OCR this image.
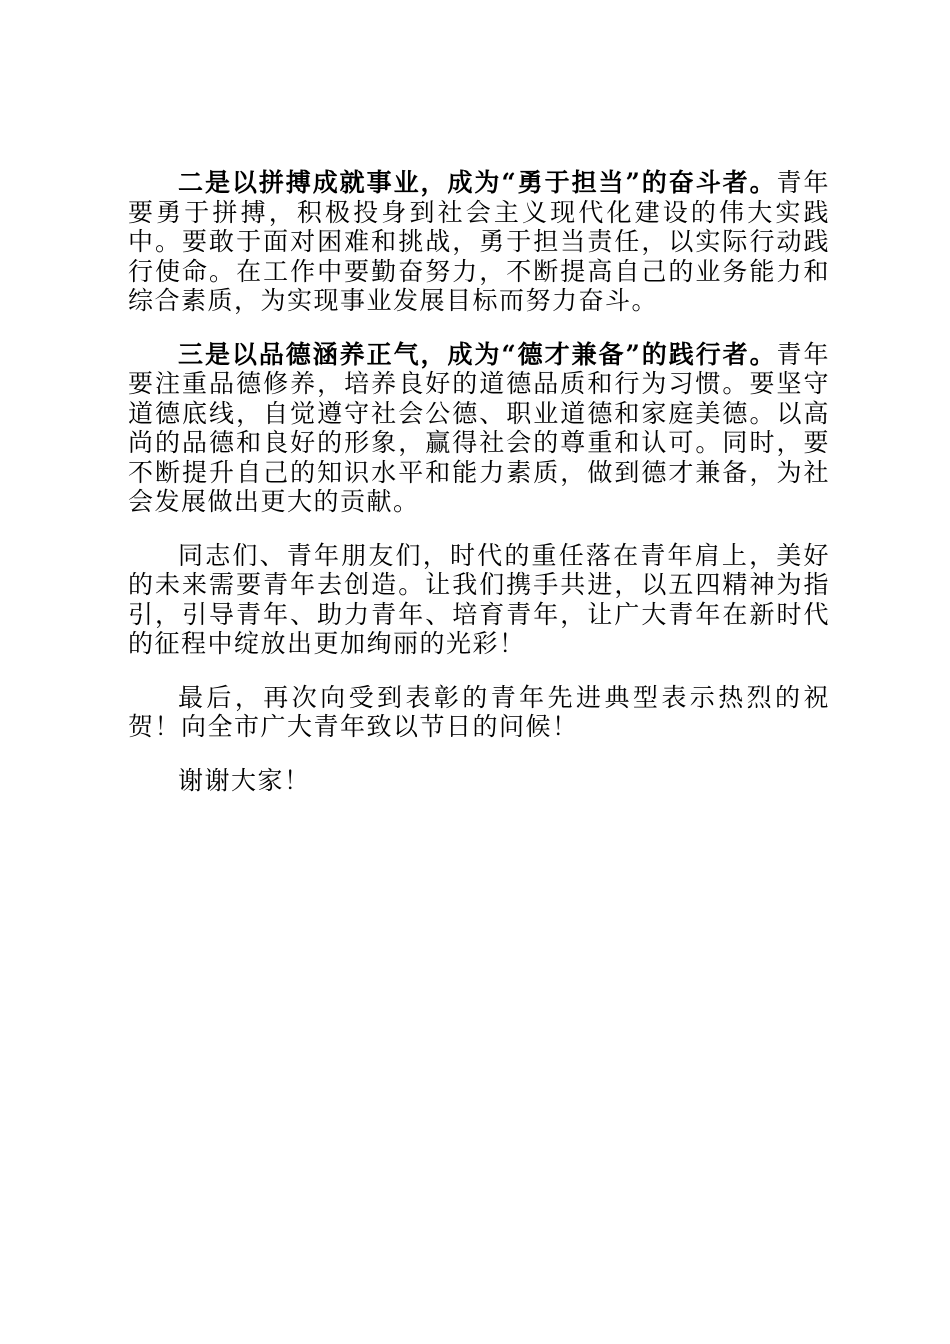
二是以拼搏成就事业，成为“勇于担当”的奋斗者。青年要勇于拼搏，积极投身到社会主义现代化建设的伟大实践中。要敢于面对困难和挑战，勇于担当责任，以实际行动践行使命。在工作中要勤奋努力，不断提高自己的业务能力和综合素质，为实现事业发展目标而努力奋斗。

三是以品德涵养正气，成为“德才兼备”的践行者。青年要注重品德修养，培养良好的道德品质和行为习惯。要坚守道德底线，自觉遵守社会公德、职业道德和家庭美德。以高尚的品德和良好的形象，赢得社会的尊重和认可。同时，要不断提升自己的知识水平和能力素质，做到德才兼备，为社会发展做出更大的贡献。

同志们、青年朋友们，时代的重任落在青年肩上，美好的未来需要青年去创造。让我们携手共进，以五四精神为指引，引导青年、助力青年、培育青年，让广大青年在新时代的征程中绽放出更加绚丽的光彩！

最后，再次向受到表彰的青年先进典型表示热烈的祝贺！向全市广大青年致以节日的问候！

谢谢大家！
